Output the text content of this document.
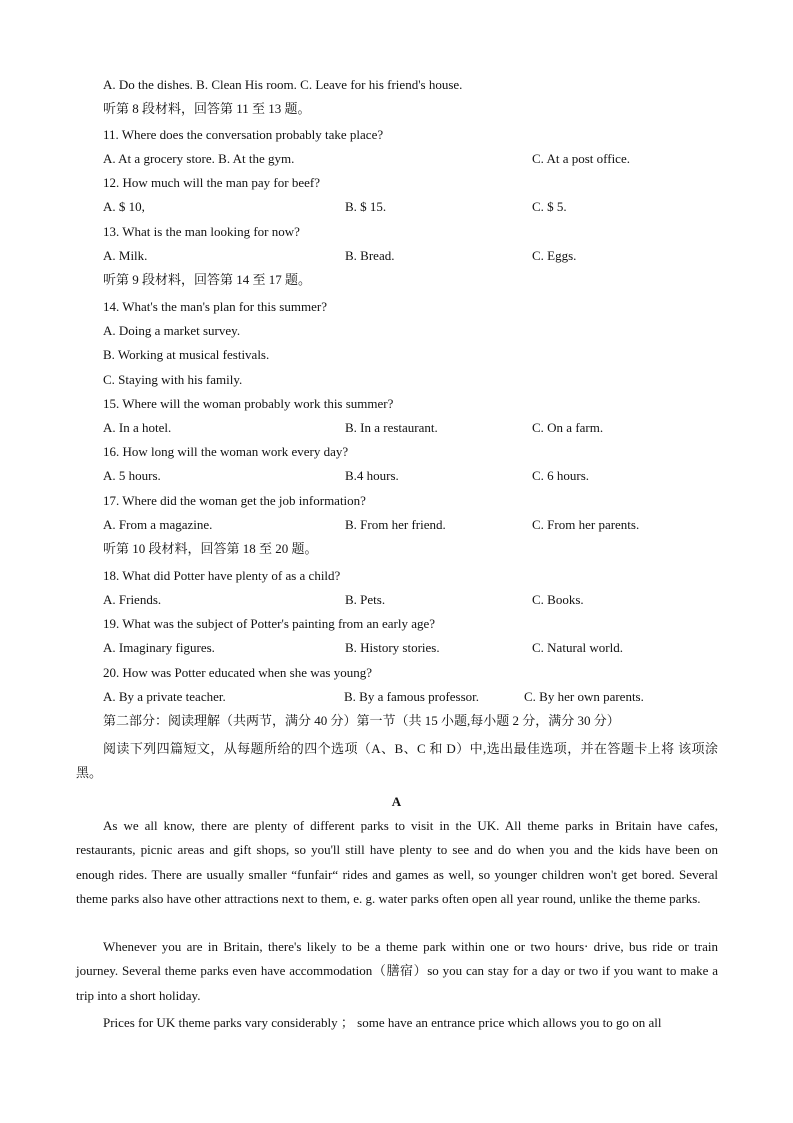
A. Do the dishes. B. Clean His room. C. Leave for his friend's house.
听第 8 段材料，回答第 11 至 13 题。
11. Where does the conversation probably take place?
A. At a grocery store. B. At the gym.	C. At a post office.
12. How much will the man pay for beef?
A. $ 10,	B. $ 15.	C. $ 5.
13. What is the man looking for now?
A. Milk.	B. Bread.	C. Eggs.
听第 9 段材料，回答第 14 至 17 题。
14. What's the man's plan for this summer?
A. Doing a market survey.
B. Working at musical festivals.
C. Staying with his family.
15. Where will the woman probably work this summer?
A. In a hotel.	B. In a restaurant.	C. On a farm.
16. How long will the woman work every day?
A. 5 hours.	B.4 hours.	C. 6 hours.
17. Where did the woman get the job information?
A. From a magazine.	B. From her friend.	C. From her parents.
听第 10 段材料，回答第 18 至 20 题。
18. What did Potter have plenty of as a child?
A. Friends.	B. Pets.	C. Books.
19. What was the subject of Potter's painting from an early age?
A. Imaginary figures.	B. History stories.	C. Natural world.
20. How was Potter educated when she was young?
A. By a private teacher.	B. By a famous professor.	C. By her own parents.
第二部分：阅读理解（共两节，满分 40 分）第一节（共 15 小题,每小题 2 分，满分 30 分）
阅读下列四篇短文，从每题所给的四个选项（A、B、C 和 D）中,选出最佳选项，并在答题卡上将 该项涂黑。
A
As we all know, there are plenty of different parks to visit in the UK. All theme parks in Britain have cafes, restaurants, picnic areas and gift shops, so you'll still have plenty to see and do when you and the kids have been on enough rides. There are usually smaller “funfair“ rides and games as well, so younger children won't get bored. Several theme parks also have other attractions next to them, e. g. water parks often open all year round, unlike the theme parks.
Whenever you are in Britain, there's likely to be a theme park within one or two hours‧ drive, bus ride or train journey. Several theme parks even have accommodation（膳宿）so you can stay for a day or two if you want to make a trip into a short holiday.
Prices for UK theme parks vary considerably ； some have an entrance price which allows you to go on all
